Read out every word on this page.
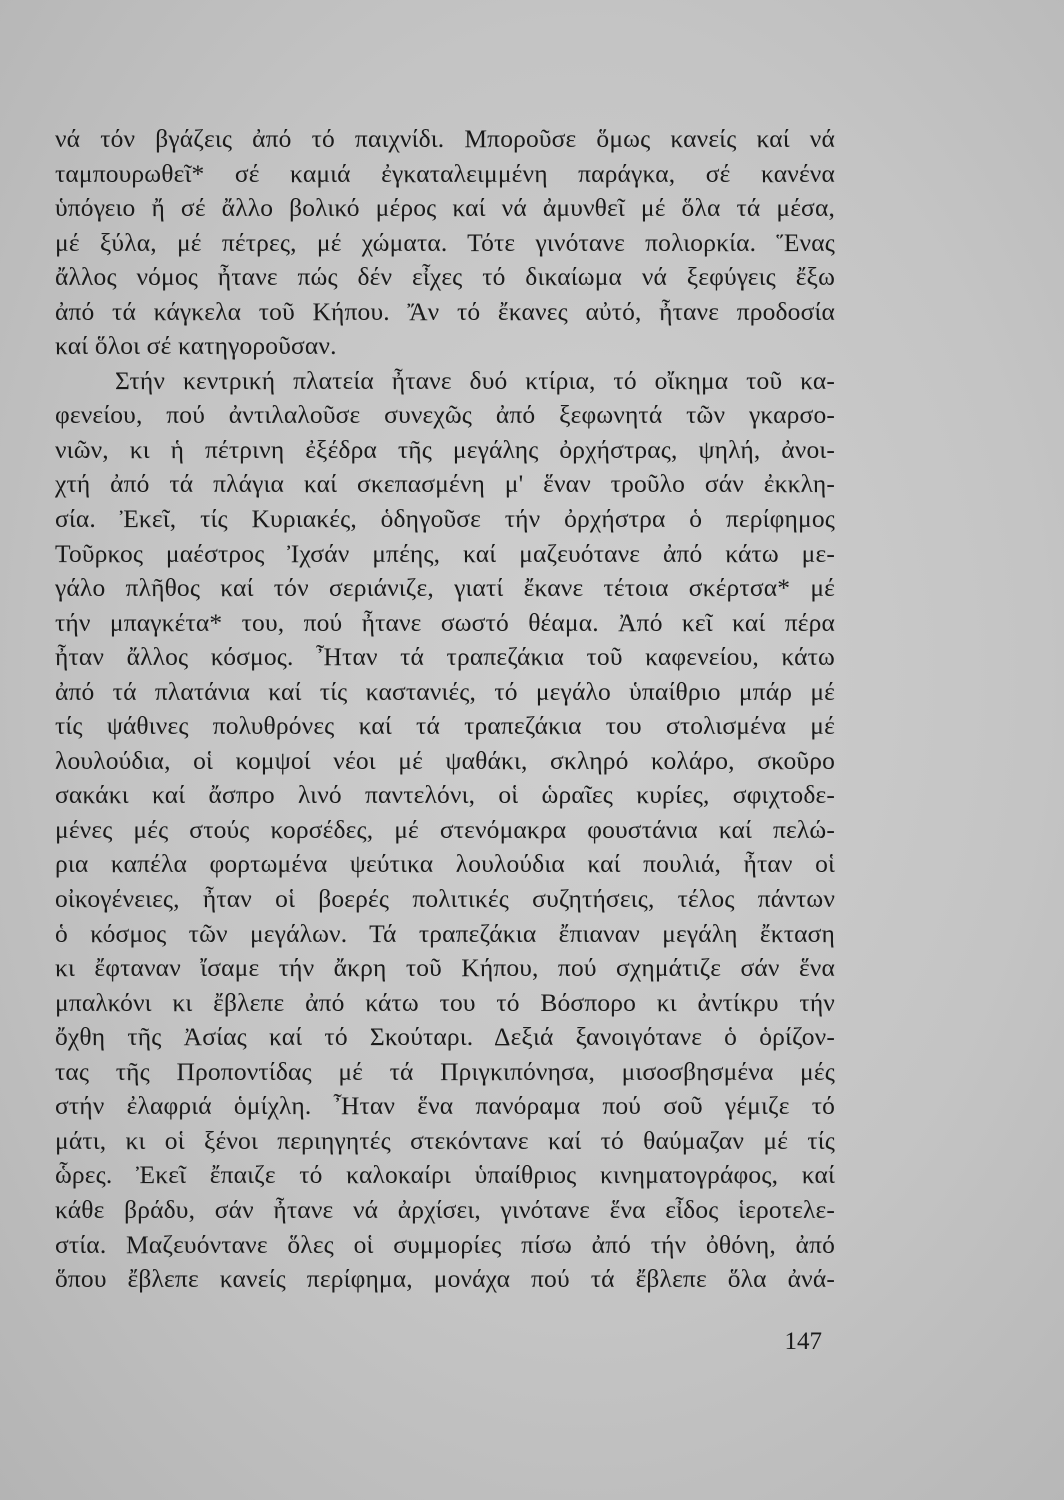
νά τόν βγάζεις ἀπό τό παιχνίδι. Μποροῦσε ὅμως κανείς καί νά
ταμπουρωθεῖ* σέ καμιά ἐγκαταλειμμένη παράγκα, σέ κανένα
ὑπόγειο ἤ σέ ἄλλο βολικό μέρος καί νά ἀμυνθεῖ μέ ὅλα τά μέσα,
μέ ξύλα, μέ πέτρες, μέ χώματα. Τότε γινότανε πολιορκία. Ἕνας
ἄλλος νόμος ἦτανε πώς δέν εἶχες τό δικαίωμα νά ξεφύγεις ἔξω
ἀπό τά κάγκελα τοῦ Κήπου. Ἄν τό ἔκανες αὐτό, ἦτανε προδοσία
καί ὅλοι σέ κατηγοροῦσαν.
Στήν κεντρική πλατεία ἦτανε δυό κτίρια, τό οἴκημα τοῦ κα-
φενείου, πού ἀντιλαλοῦσε συνεχῶς ἀπό ξεφωνητά τῶν γκαρσο-
νιῶν, κι ἡ πέτρινη ἐξέδρα τῆς μεγάλης ὀρχήστρας, ψηλή, ἀνοι-
χτή ἀπό τά πλάγια καί σκεπασμένη μ' ἕναν τροῦλο σάν ἐκκλη-
σία. Ἐκεῖ, τίς Κυριακές, ὁδηγοῦσε τήν ὀρχήστρα ὁ περίφημος
Τοῦρκος μαέστρος Ἰχσάν μπέης, καί μαζευότανε ἀπό κάτω με-
γάλο πλῆθος καί τόν σεριάνιζε, γιατί ἔκανε τέτοια σκέρτσα* μέ
τήν μπαγκέτα* του, πού ἦτανε σωστό θέαμα. Ἀπό κεῖ καί πέρα
ἦταν ἄλλος κόσμος. Ἦταν τά τραπεζάκια τοῦ καφενείου, κάτω
ἀπό τά πλατάνια καί τίς καστανιές, τό μεγάλο ὑπαίθριο μπάρ μέ
τίς ψάθινες πολυθρόνες καί τά τραπεζάκια του στολισμένα μέ
λουλούδια, οἱ κομψοί νέοι μέ ψαθάκι, σκληρό κολάρο, σκοῦρο
σακάκι καί ἄσπρο λινό παντελόνι, οἱ ὡραῖες κυρίες, σφιχτοδε-
μένες μές στούς κορσέδες, μέ στενόμακρα φουστάνια καί πελώ-
ρια καπέλα φορτωμένα ψεύτικα λουλούδια καί πουλιά, ἦταν οἱ
οἰκογένειες, ἦταν οἱ βοερές πολιτικές συζητήσεις, τέλος πάντων
ὁ κόσμος τῶν μεγάλων. Τά τραπεζάκια ἔπιαναν μεγάλη ἔκταση
κι ἔφταναν ἴσαμε τήν ἄκρη τοῦ Κήπου, πού σχημάτιζε σάν ἕνα
μπαλκόνι κι ἔβλεπε ἀπό κάτω του τό Βόσπορο κι ἀντίκρυ τήν
ὄχθη τῆς Ἀσίας καί τό Σκούταρι. Δεξιά ξανοιγότανε ὁ ὁρίζον-
τας τῆς Προποντίδας μέ τά Πριγκιπόνησα, μισοσβησμένα μές
στήν ἐλαφριά ὁμίχλη. Ἦταν ἕνα πανόραμα πού σοῦ γέμιζε τό
μάτι, κι οἱ ξένοι περιηγητές στεκόντανε καί τό θαύμαζαν μέ τίς
ὧρες. Ἐκεῖ ἔπαιζε τό καλοκαίρι ὑπαίθριος κινηματογράφος, καί
κάθε βράδυ, σάν ἦτανε νά ἀρχίσει, γινότανε ἕνα εἶδος ἱεροτελε-
στία. Μαζευόντανε ὅλες οἱ συμμορίες πίσω ἀπό τήν ὀθόνη, ἀπό
ὅπου ἔβλεπε κανείς περίφημα, μονάχα πού τά ἔβλεπε ὅλα ἀνά-
147
